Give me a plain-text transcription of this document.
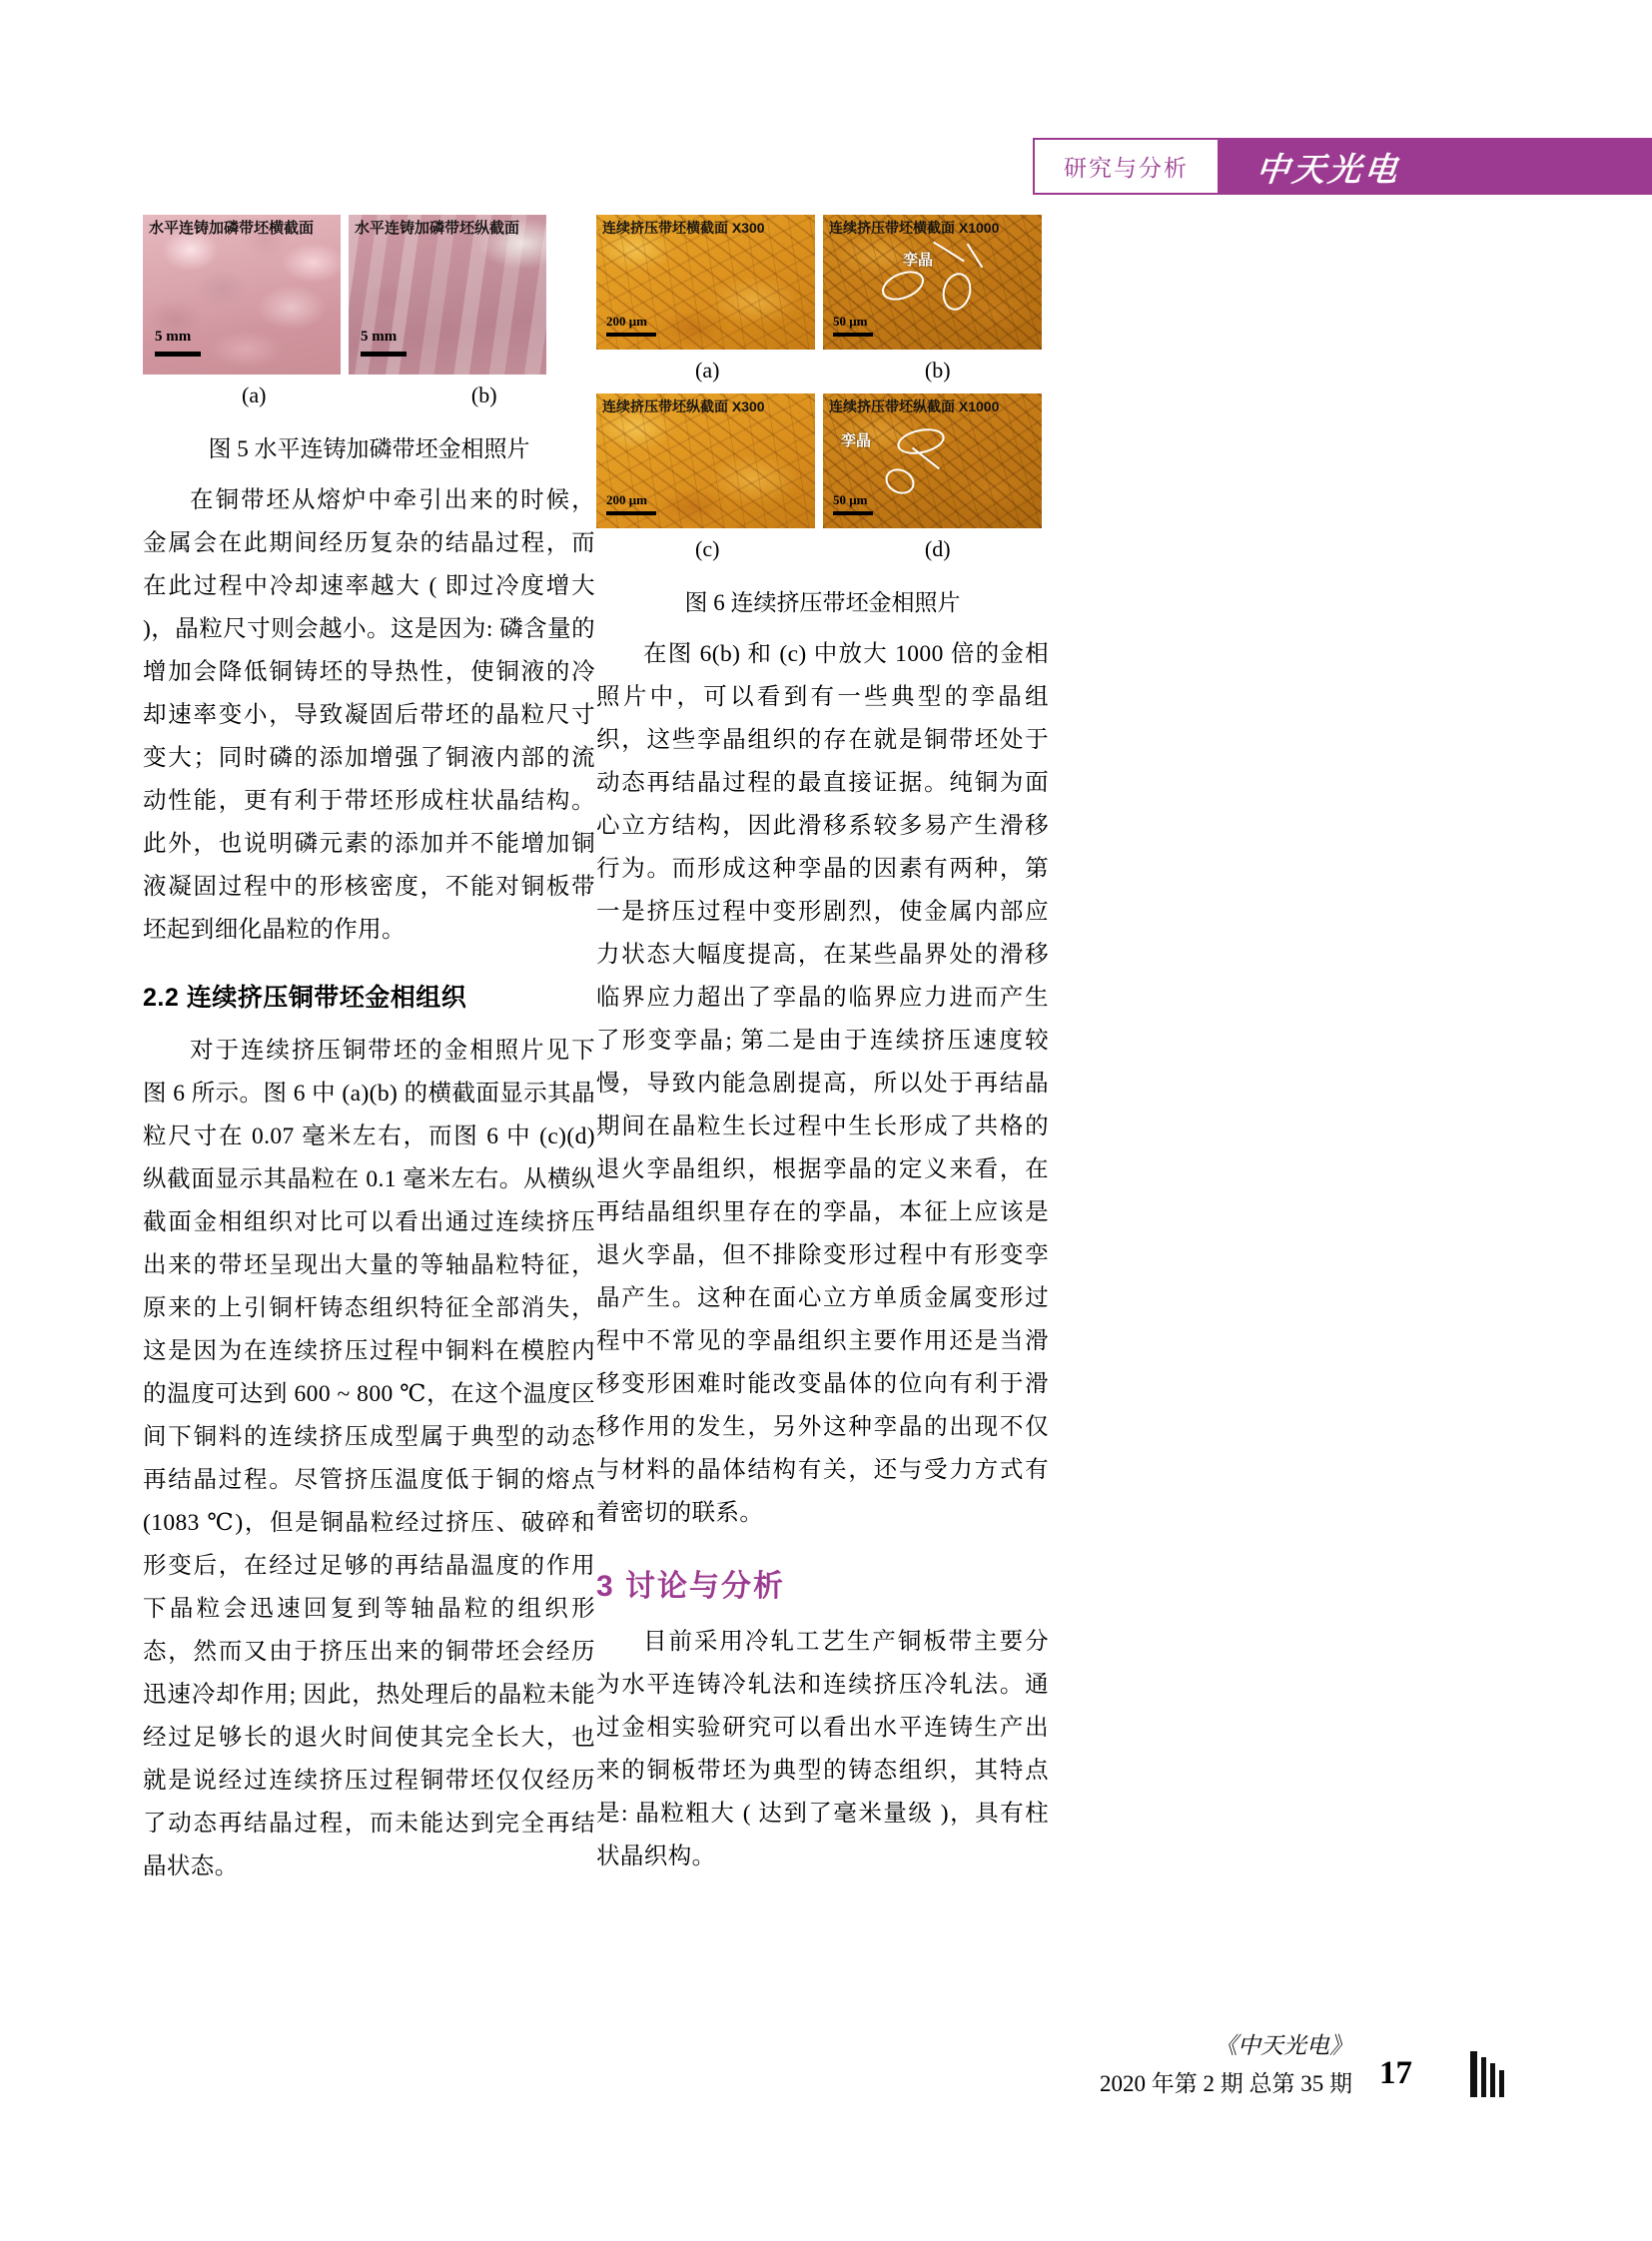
中天光电
研究与分析
水平连铸加磷带坯横截面
5 mm
水平连铸加磷带坯纵截面
5 mm
(a)	(b)
图 5 水平连铸加磷带坯金相照片

在铜带坯从熔炉中牵引出来的时候，金属会在此期间经历复杂的结晶过程，而在此过程中冷却速率越大 ( 即过冷度增大 )，晶粒尺寸则会越小。这是因为: 磷含量的增加会降低铜铸坯的导热性，使铜液的冷却速率变小，导致凝固后带坯的晶粒尺寸变大；同时磷的添加增强了铜液内部的流动性能，更有利于带坯形成柱状晶结构。此外，也说明磷元素的添加并不能增加铜液凝固过程中的形核密度，不能对铜板带坯起到细化晶粒的作用。

2.2 连续挤压铜带坯金相组织

对于连续挤压铜带坯的金相照片见下图 6 所示。图 6 中 (a)(b) 的横截面显示其晶粒尺寸在 0.07 毫米左右，而图 6 中 (c)(d) 纵截面显示其晶粒在 0.1 毫米左右。从横纵截面金相组织对比可以看出通过连续挤压出来的带坯呈现出大量的等轴晶粒特征，原来的上引铜杆铸态组织特征全部消失，这是因为在连续挤压过程中铜料在模腔内的温度可达到 600 ~ 800 ℃，在这个温度区间下铜料的连续挤压成型属于典型的动态再结晶过程。尽管挤压温度低于铜的熔点 (1083 ℃)，但是铜晶粒经过挤压、破碎和形变后，在经过足够的再结晶温度的作用下晶粒会迅速回复到等轴晶粒的组织形态，然而又由于挤压出来的铜带坯会经历迅速冷却作用; 因此，热处理后的晶粒未能经过足够长的退火时间使其完全长大，也就是说经过连续挤压过程铜带坯仅仅经历了动态再结晶过程，而未能达到完全再结晶状态。

连续挤压带坯横截面 X300
200 μm
连续挤压带坯横截面 X1000
孪晶
50 μm
(a)	(b)
连续挤压带坯纵截面 X300
200 μm
连续挤压带坯纵截面 X1000
孪晶
50 μm
(c)	(d)
图 6 连续挤压带坯金相照片

在图 6(b) 和 (c) 中放大 1000 倍的金相照片中，可以看到有一些典型的孪晶组织，这些孪晶组织的存在就是铜带坯处于动态再结晶过程的最直接证据。纯铜为面心立方结构，因此滑移系较多易产生滑移行为。而形成这种孪晶的因素有两种，第一是挤压过程中变形剧烈，使金属内部应力状态大幅度提高，在某些晶界处的滑移临界应力超出了孪晶的临界应力进而产生了形变孪晶; 第二是由于连续挤压速度较慢，导致内能急剧提高，所以处于再结晶期间在晶粒生长过程中生长形成了共格的退火孪晶组织，根据孪晶的定义来看，在再结晶组织里存在的孪晶，本征上应该是退火孪晶，但不排除变形过程中有形变孪晶产生。这种在面心立方单质金属变形过程中不常见的孪晶组织主要作用还是当滑移变形困难时能改变晶体的位向有利于滑移作用的发生，另外这种孪晶的出现不仅与材料的晶体结构有关，还与受力方式有着密切的联系。

3 讨论与分析

目前采用冷轧工艺生产铜板带主要分为水平连铸冷轧法和连续挤压冷轧法。通过金相实验研究可以看出水平连铸生产出来的铜板带坯为典型的铸态组织，其特点是: 晶粒粗大 ( 达到了毫米量级 )，具有柱状晶织构。

《中天光电》
2020 年第 2 期 总第 35 期 17
